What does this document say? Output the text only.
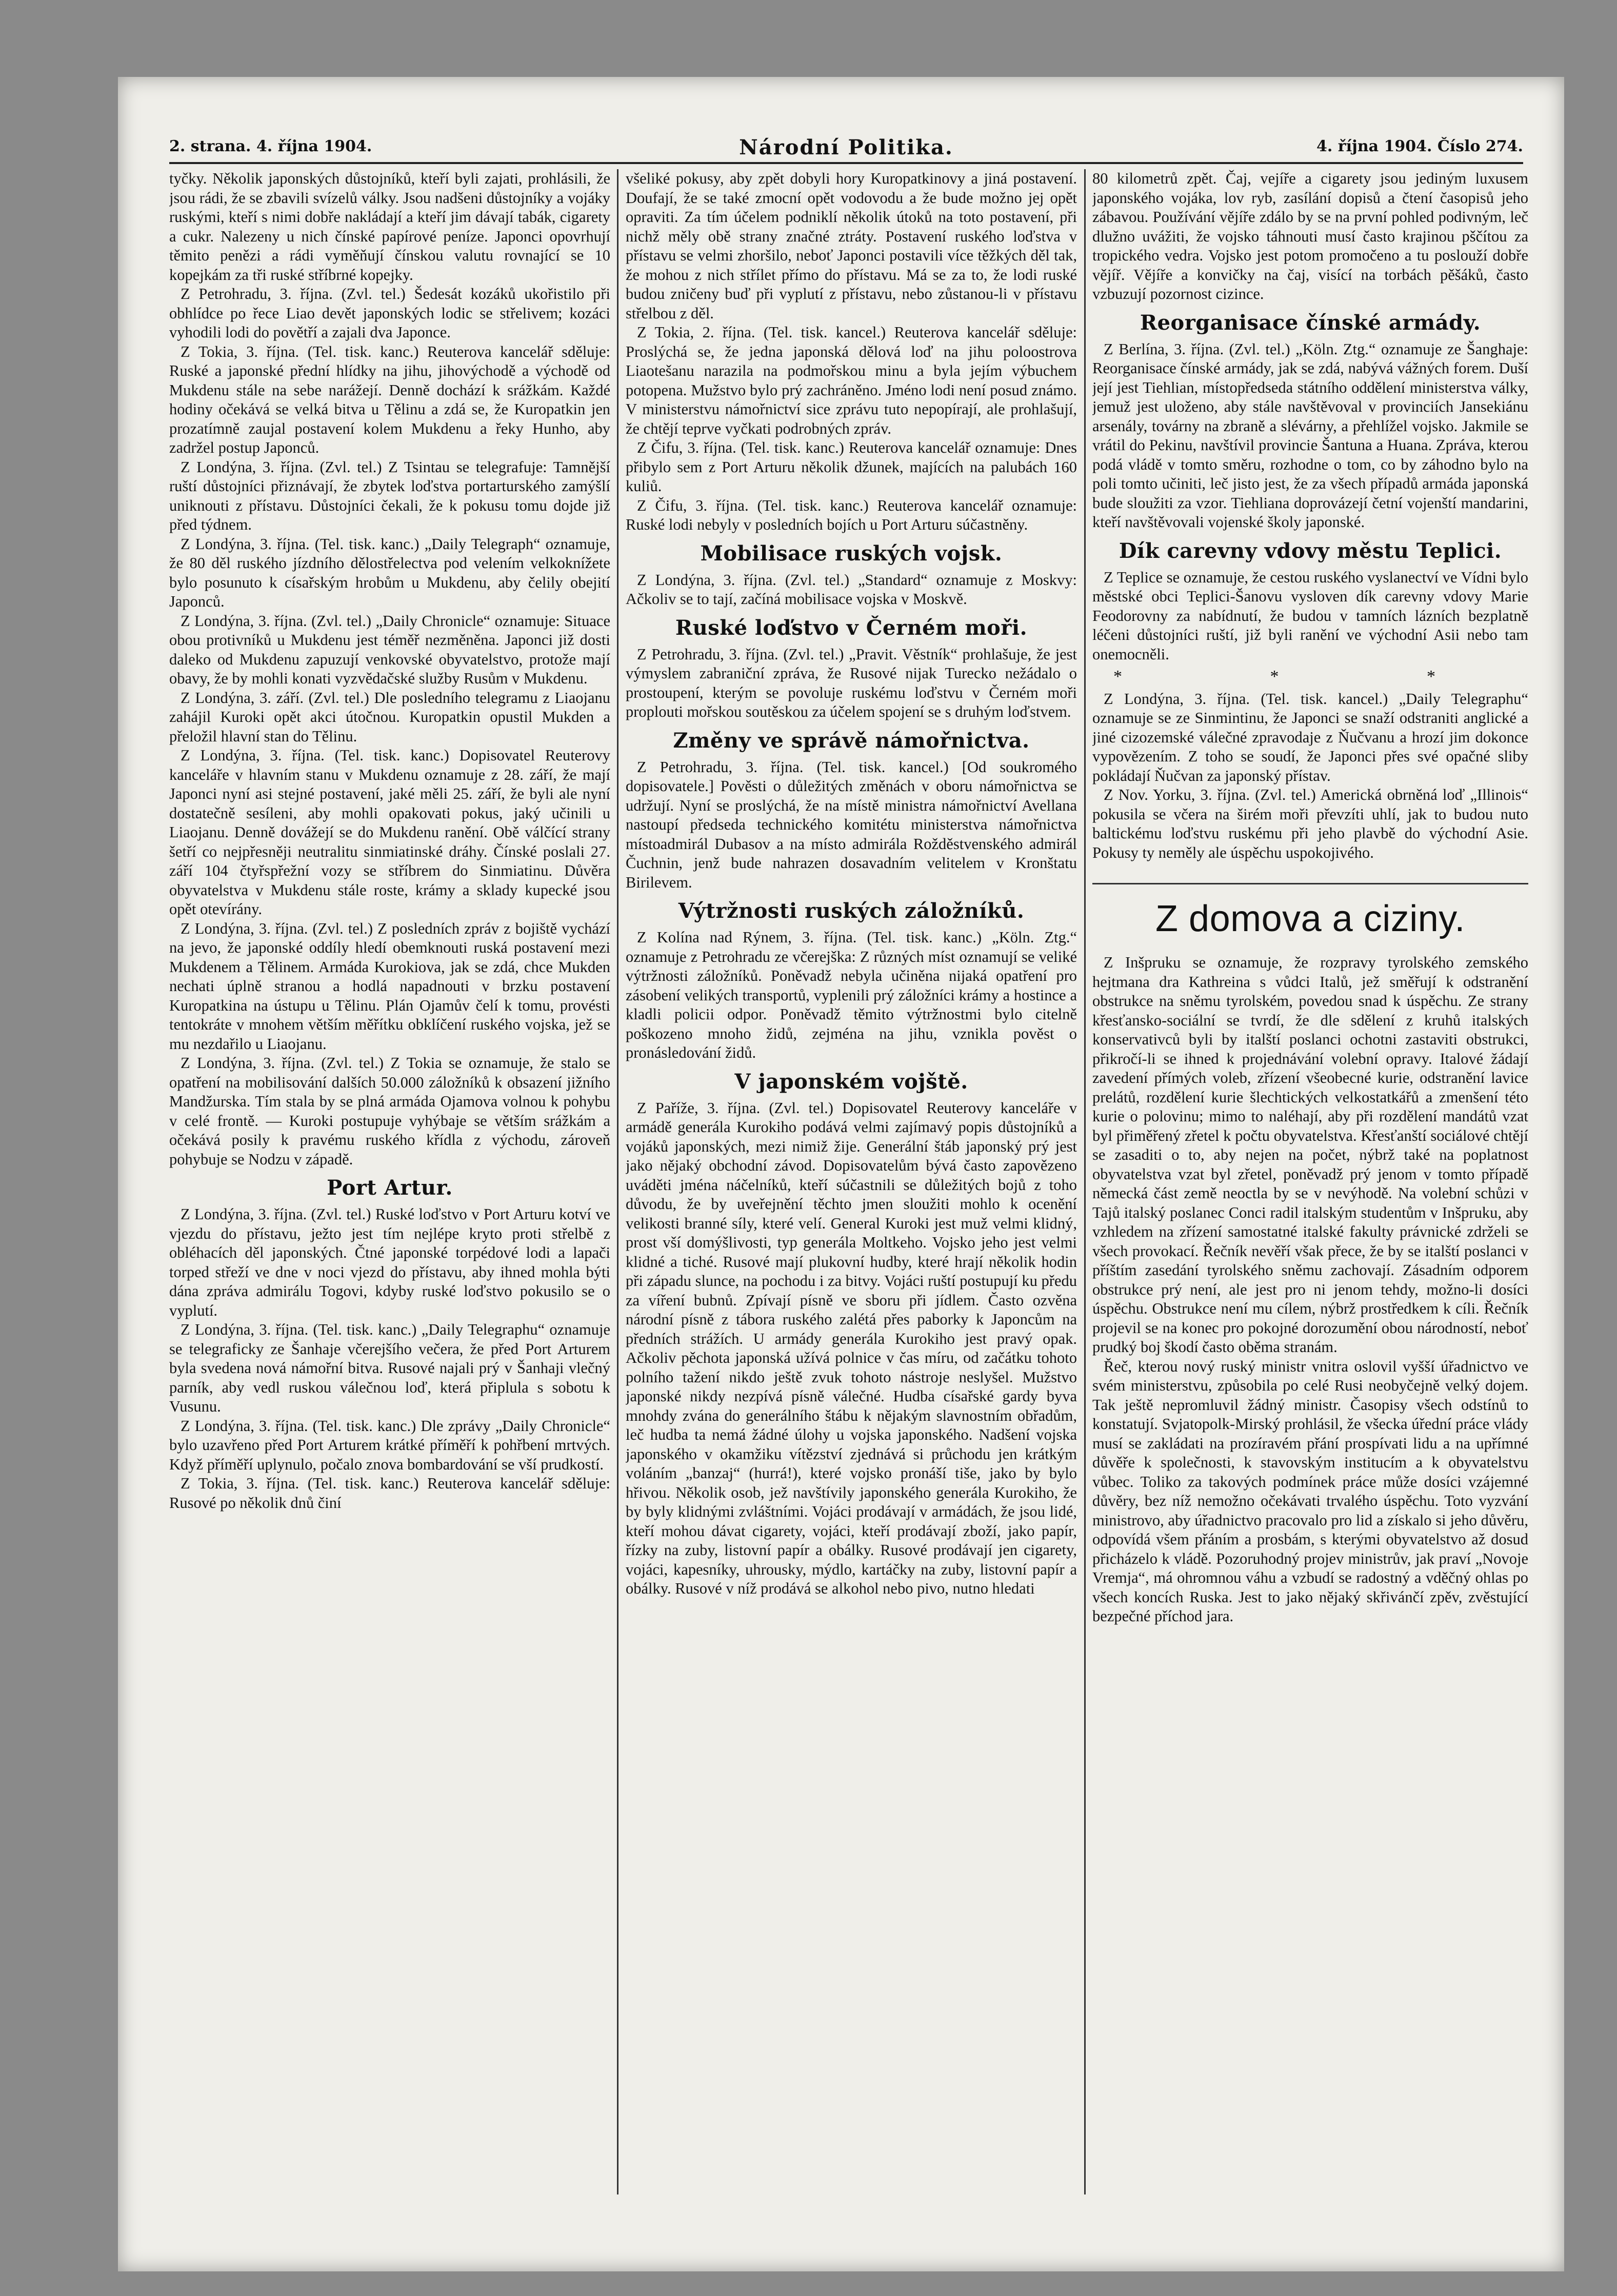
2. strana. 4. října 1904.	Národní Politika.	4. října 1904. Číslo 274.

tyčky. Několik japonských důstojníků, kteří byli zajati, prohlásili, že jsou rádi, že se zbavili svízelů války. Jsou nadšeni důstojníky a vojáky ruskými, kteří s nimi dobře nakládají a kteří jim dávají tabák, cigarety a cukr. Nalezeny u nich čínské papírové peníze. Japonci opovrhují těmito penězi a rádi vyměňují čínskou valutu rovnající se 10 kopejkám za tři ruské stříbrné kopejky.

Z Petrohradu, 3. října. (Zvl. tel.) Šedesát kozáků ukořistilo při obhlídce po řece Liao devět japonských lodic se střelivem; kozáci vyhodili lodi do povětří a zajali dva Japonce.

Z Tokia, 3. října. (Tel. tisk. kanc.) Reuterova kancelář sděluje: Ruské a japonské přední hlídky na jihu, jihovýchodě a východě od Mukdenu stále na sebe narážejí. Denně dochází k srážkám. Každé hodiny očekává se velká bitva u Tělinu a zdá se, že Kuropatkin jen prozatímně zaujal postavení kolem Mukdenu a řeky Hunho, aby zadržel postup Japonců.

Z Londýna, 3. října. (Zvl. tel.) Z Tsintau se telegrafuje: Tamnější ruští důstojníci přiznávají, že zbytek loďstva portarturského zamýšlí uniknouti z přístavu. Důstojníci čekali, že k pokusu tomu dojde již před týdnem.

Z Londýna, 3. října. (Tel. tisk. kanc.) „Daily Telegraph“ oznamuje, že 80 děl ruského jízdního dělostřelectva pod velením velkoknížete bylo posunuto k císařským hrobům u Mukdenu, aby čelily obejití Japonců.

Z Londýna, 3. října. (Zvl. tel.) „Daily Chronicle“ oznamuje: Situace obou protivníků u Mukdenu jest téměř nezměněna. Japonci již dosti daleko od Mukdenu zapuzují venkovské obyvatelstvo, protože mají obavy, že by mohli konati vyzvědačské služby Rusům v Mukdenu.

Z Londýna, 3. září. (Zvl. tel.) Dle posledního telegramu z Liaojanu zahájil Kuroki opět akci útočnou. Kuropatkin opustil Mukden a přeložil hlavní stan do Tělinu.

Z Londýna, 3. října. (Tel. tisk. kanc.) Dopisovatel Reuterovy kanceláře v hlavním stanu v Mukdenu oznamuje z 28. září, že mají Japonci nyní asi stejné postavení, jaké měli 25. září, že byli ale nyní dostatečně sesíleni, aby mohli opakovati pokus, jaký učinili u Liaojanu. Denně dovážejí se do Mukdenu ranění. Obě válčící strany šetří co nejpřesněji neutralitu sinmiatinské dráhy. Čínské poslali 27. září 104 čtyřspřežní vozy se stříbrem do Sinmiatinu. Důvěra obyvatelstva v Mukdenu stále roste, krámy a sklady kupecké jsou opět otevírány.

Z Londýna, 3. října. (Zvl. tel.) Z posledních zpráv z bojiště vychází na jevo, že japonské oddíly hledí obemknouti ruská postavení mezi Mukdenem a Tělinem. Armáda Kurokiova, jak se zdá, chce Mukden nechati úplně stranou a hodlá napadnouti v brzku postavení Kuropatkina na ústupu u Tělinu. Plán Ojamův čelí k tomu, provésti tentokráte v mnohem větším měřítku obklíčení ruského vojska, jež se mu nezdařilo u Liaojanu.

Z Londýna, 3. října. (Zvl. tel.) Z Tokia se oznamuje, že stalo se opatření na mobilisování dalších 50.000 záložníků k obsazení jižního Mandžurska. Tím stala by se plná armáda Ojamova volnou k pohybu v celé frontě. — Kuroki postupuje vyhýbaje se větším srážkám a očekává posily k pravému ruského křídla z východu, zároveň pohybuje se Nodzu v západě.

Port Artur.

Z Londýna, 3. října. (Zvl. tel.) Ruské loďstvo v Port Arturu kotví ve vjezdu do přístavu, ježto jest tím nejlépe kryto proti střelbě z obléhacích děl japonských. Čtné japonské torpédové lodi a lapači torped střeží ve dne v noci vjezd do přístavu, aby ihned mohla býti dána zpráva admirálu Togovi, kdyby ruské loďstvo pokusilo se o vyplutí.

Z Londýna, 3. října. (Tel. tisk. kanc.) „Daily Telegraphu“ oznamuje se telegraficky ze Šanhaje včerejšího večera, že před Port Arturem byla svedena nová námořní bitva. Rusové najali prý v Šanhaji vlečný parník, aby vedl ruskou válečnou loď, která připlula s sobotu k Vusunu.

Z Londýna, 3. října. (Tel. tisk. kanc.) Dle zprávy „Daily Chronicle“ bylo uzavřeno před Port Arturem krátké příměří k pohřbení mrtvých. Když příměří uplynulo, počalo znova bombardování se vší prudkostí.

Z Tokia, 3. října. (Tel. tisk. kanc.) Reuterova kancelář sděluje: Rusové po několik dnů činí

všeliké pokusy, aby zpět dobyli hory Kuropatkinovy a jiná postavení. Doufají, že se také zmocní opět vodovodu a že bude možno jej opět opraviti. Za tím účelem podniklí několik útoků na toto postavení, při nichž měly obě strany značné ztráty. Postavení ruského loďstva v přístavu se velmi zhoršilo, neboť Japonci postavili více těžkých děl tak, že mohou z nich střílet přímo do přístavu. Má se za to, že lodi ruské budou zničeny buď při vyplutí z přístavu, nebo zůstanou-li v přístavu střelbou z děl.

Z Tokia, 2. října. (Tel. tisk. kancel.) Reuterova kancelář sděluje: Proslýchá se, že jedna japonská dělová loď na jihu poloostrova Liaotešanu narazila na podmořskou minu a byla jejím výbuchem potopena. Mužstvo bylo prý zachráněno. Jméno lodi není posud známo. V ministerstvu námořnictví sice zprávu tuto nepopírají, ale prohlašují, že chtějí teprve vyčkati podrobných zpráv.

Z Čifu, 3. října. (Tel. tisk. kanc.) Reuterova kancelář oznamuje: Dnes přibylo sem z Port Arturu několik džunek, majících na palubách 160 kuliů.

Z Čifu, 3. října. (Tel. tisk. kanc.) Reuterova kancelář oznamuje: Ruské lodi nebyly v posledních bojích u Port Arturu súčastněny.

Mobilisace ruských vojsk.

Z Londýna, 3. října. (Zvl. tel.) „Standard“ oznamuje z Moskvy: Ačkoliv se to tají, začíná mobilisace vojska v Moskvě.

Ruské loďstvo v Černém moři.

Z Petrohradu, 3. října. (Zvl. tel.) „Pravit. Věstník“ prohlašuje, že jest výmyslem zabraniční zpráva, že Rusové nijak Turecko nežádalo o prostoupení, kterým se povoluje ruskému loďstvu v Černém moři proplouti mořskou soutěskou za účelem spojení se s druhým loďstvem.

Změny ve správě námořnictva.

Z Petrohradu, 3. října. (Tel. tisk. kancel.) [Od soukromého dopisovatele.] Pověsti o důležitých změnách v oboru námořnictva se udržují. Nyní se proslýchá, že na místě ministra námořnictví Avellana nastoupí předseda technického komitétu ministerstva námořnictva místoadmirál Dubasov a na místo admirála Rožděstvenského admirál Čuchnin, jenž bude nahrazen dosavadním velitelem v Kronštatu Birilevem.

Výtržnosti ruských záložníků.

Z Kolína nad Rýnem, 3. října. (Tel. tisk. kanc.) „Köln. Ztg.“ oznamuje z Petrohradu ze včerejška: Z různých míst oznamují se veliké výtržnosti záložníků. Poněvadž nebyla učiněna nijaká opatření pro zásobení velikých transportů, vyplenili prý záložníci krámy a hostince a kladli policii odpor. Poněvadž těmito výtržnostmi bylo citelně poškozeno mnoho židů, zejména na jihu, vznikla pověst o pronásledování židů.

V japonském vojště.

Z Paříže, 3. října. (Zvl. tel.) Dopisovatel Reuterovy kanceláře v armádě generála Kurokiho podává velmi zajímavý popis důstojníků a vojáků japonských, mezi nimiž žije. Generální štáb japonský prý jest jako nějaký obchodní závod. Dopisovatelům bývá často zapovězeno uváděti jména náčelníků, kteří súčastnili se důležitých bojů z toho důvodu, že by uveřejnění těchto jmen sloužiti mohlo k ocenění velikosti branné síly, které velí. General Kuroki jest muž velmi klidný, prost vší domýšlivosti, typ generála Moltkeho. Vojsko jeho jest velmi klidné a tiché. Rusové mají plukovní hudby, které hrají několik hodin při západu slunce, na pochodu i za bitvy. Vojáci ruští postupují ku předu za víření bubnů. Zpívají písně ve sboru při jídlem. Často ozvěna národní písně z tábora ruského zalétá přes paborky k Japoncům na předních strážích. U armády generála Kurokiho jest pravý opak. Ačkoliv pěchota japonská užívá polnice v čas míru, od začátku tohoto polního tažení nikdo ještě zvuk tohoto nástroje neslyšel. Mužstvo japonské nikdy nezpívá písně válečné. Hudba císařské gardy byva mnohdy zvána do generálního štábu k nějakým slavnostním obřadům, leč hudba ta nemá žádné úlohy u vojska japonského. Nadšení vojska japonského v okamžiku vítězství zjednává si průchodu jen krátkým voláním „banzaj“ (hurrá!), které vojsko pronáší tiše, jako by bylo hřivou. Několik osob, jež navštívily japonského generála Kurokiho, že by byly klidnými zvláštními. Vojáci prodávají v armádách, že jsou lidé, kteří mohou dávat cigarety, vojáci, kteří prodávají zboží, jako papír, řízky na zuby, listovní papír a obálky. Rusové prodávají jen cigarety, vojáci, kapesníky, uhrousky, mýdlo, kartáčky na zuby, listovní papír a obálky. Rusové v níž prodává se alkohol nebo pivo, nutno hledati

80 kilometrů zpět. Čaj, vejíře a cigarety jsou jediným luxusem japonského vojáka, lov ryb, zasílání dopisů a čtení časopisů jeho zábavou. Používání vějíře zdálo by se na první pohled podivným, leč dlužno uvážiti, že vojsko táhnouti musí často krajinou pščítou za tropického vedra. Vojsko jest potom promočeno a tu poslouží dobře vějíř. Vějíře a konvičky na čaj, visící na torbách pěšáků, často vzbuzují pozornost cizince.

Reorganisace čínské armády.

Z Berlína, 3. října. (Zvl. tel.) „Köln. Ztg.“ oznamuje ze Šanghaje: Reorganisace čínské armády, jak se zdá, nabývá vážných forem. Duší její jest Tiehlian, místopředseda státního oddělení ministerstva války, jemuž jest uloženo, aby stále navštěvoval v provinciích Jansekiánu arsenály, továrny na zbraně a slévárny, a přehlížel vojsko. Jakmile se vrátil do Pekinu, navštívil provincie Šantuna a Huana. Zpráva, kterou podá vládě v tomto směru, rozhodne o tom, co by záhodno bylo na poli tomto učiniti, leč jisto jest, že za všech případů armáda japonská bude sloužiti za vzor. Tiehliana doprovázejí četní vojenští mandarini, kteří navštěvovali vojenské školy japonské.

Dík carevny vdovy městu Teplici.

Z Teplice se oznamuje, že cestou ruského vyslanectví ve Vídni bylo městské obci Teplici-Šanovu vysloven dík carevny vdovy Marie Feodorovny za nabídnutí, že budou v tamních lázních bezplatně léčeni důstojníci ruští, již byli ranění ve východní Asii nebo tam onemocněli.

* * *

Z Londýna, 3. října. (Tel. tisk. kancel.) „Daily Telegraphu“ oznamuje se ze Sinmintinu, že Japonci se snaží odstraniti anglické a jiné cizozemské válečné zpravodaje z Ňučvanu a hrozí jim dokonce vypovězením. Z toho se soudí, že Japonci přes své opačné sliby pokládají Ňučvan za japonský přístav.

Z Nov. Yorku, 3. října. (Zvl. tel.) Americká obrněná loď „Illinois“ pokusila se včera na širém moři převzíti uhlí, jak to budou nuto baltickému loďstvu ruskému při jeho plavbě do východní Asie. Pokusy ty neměly ale úspěchu uspokojivého.

Z domova a ciziny.

Z Inšpruku se oznamuje, že rozpravy tyrolského zemského hejtmana dra Kathreina s vůdci Italů, jež směřují k odstranění obstrukce na sněmu tyrolském, povedou snad k úspěchu. Ze strany křesťansko-sociální se tvrdí, že dle sdělení z kruhů italských konservativců byli by italští poslanci ochotni zastaviti obstrukci, přikročí-li se ihned k projednávání volební opravy. Italové žádají zavedení přímých voleb, zřízení všeobecné kurie, odstranění lavice prelátů, rozdělení kurie šlechtických velkostatkářů a zmenšení této kurie o polovinu; mimo to naléhají, aby při rozdělení mandátů vzat byl přiměřený zřetel k počtu obyvatelstva. Křesťanští sociálové chtějí se zasaditi o to, aby nejen na počet, nýbrž také na poplatnost obyvatelstva vzat byl zřetel, poněvadž prý jenom v tomto případě německá část země neoctla by se v nevýhodě. Na volební schůzi v Tajů italský poslanec Conci radil italským studentům v Inšpruku, aby vzhledem na zřízení samostatné italské fakulty právnické zdrželi se všech provokací. Řečník nevěří však přece, že by se italští poslanci v příštím zasedání tyrolského sněmu zachovají. Zásadním odporem obstrukce prý není, ale jest pro ni jenom tehdy, možno-li dosíci úspěchu. Obstrukce není mu cílem, nýbrž prostředkem k cíli. Řečník projevil se na konec pro pokojné dorozumění obou národností, neboť prudký boj škodí často oběma stranám.

Řeč, kterou nový ruský ministr vnitra oslovil vyšší úřadnictvo ve svém ministerstvu, způsobila po celé Rusi neobyčejně velký dojem. Tak ještě nepromluvil žádný ministr. Časopisy všech odstínů to konstatují. Svjatopolk-Mirský prohlásil, že všecka úřední práce vlády musí se zakládati na prozíravém přání prospívati lidu a na upřímné důvěře k společnosti, k stavovským institucím a k obyvatelstvu vůbec. Toliko za takových podmínek práce může dosíci vzájemné důvěry, bez níž nemožno očekávati trvalého úspěchu. Toto vyzvání ministrovo, aby úřadnictvo pracovalo pro lid a získalo si jeho důvěru, odpovídá všem přáním a prosbám, s kterými obyvatelstvo až dosud přicházelo k vládě. Pozoruhodný projev ministrův, jak praví „Novoje Vremja“, má ohromnou váhu a vzbudí se radostný a vděčný ohlas po všech koncích Ruska. Jest to jako nějaký skřivánčí zpěv, zvěstující bezpečné příchod jara.
